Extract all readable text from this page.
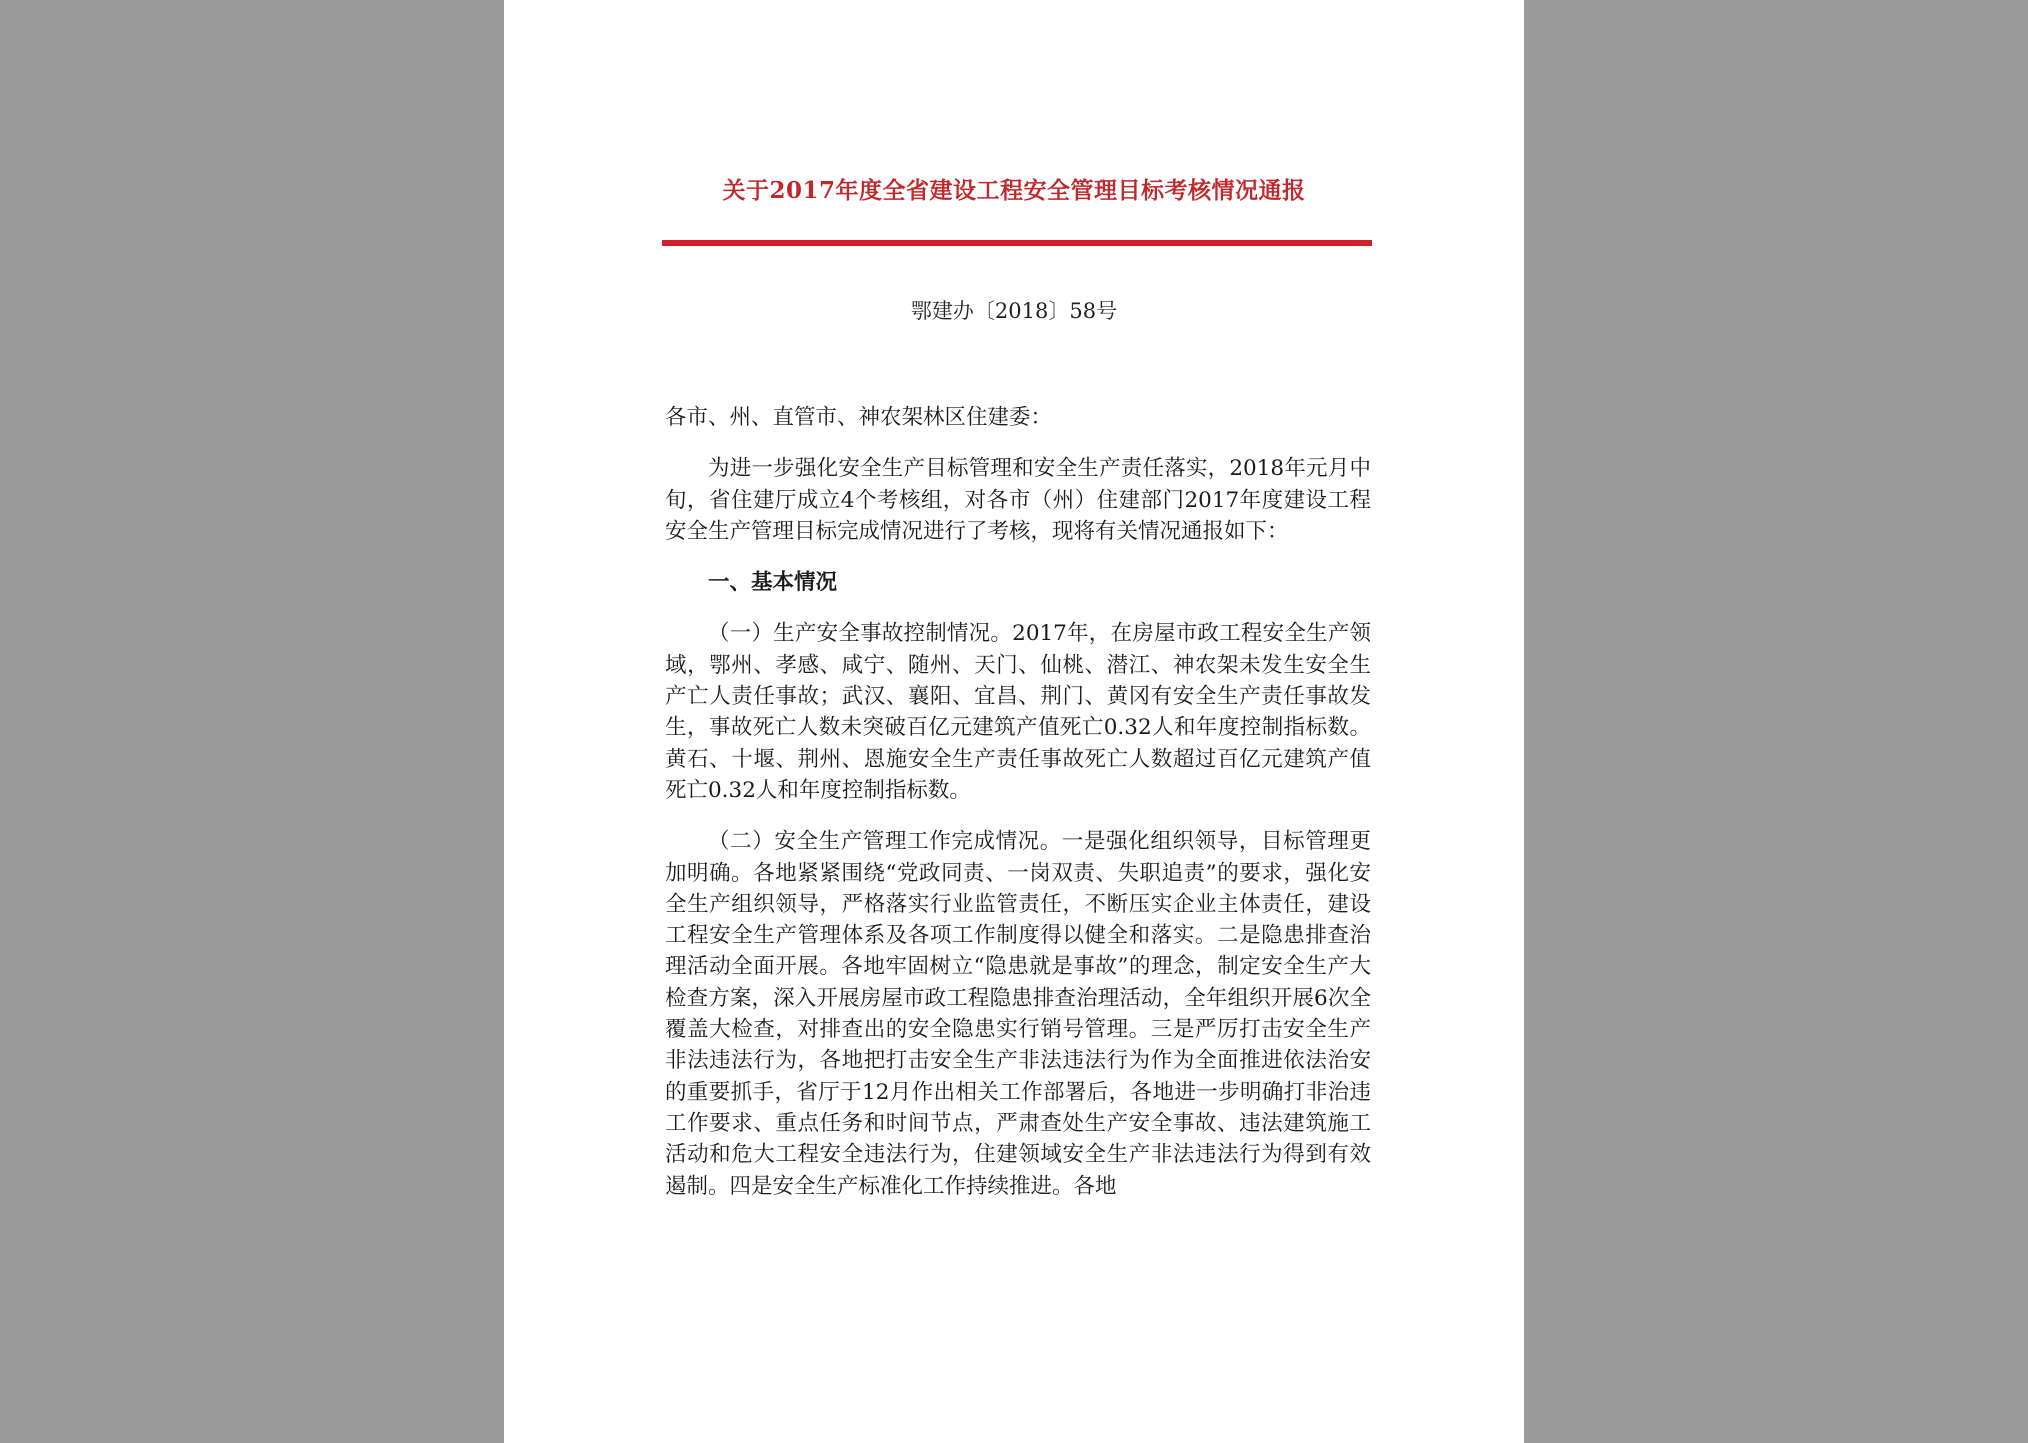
关于2017年度全省建设工程安全管理目标考核情况通报
鄂建办〔2018〕58号

各市、州、直管市、神农架林区住建委：

为进一步强化安全生产目标管理和安全生产责任落实，2018年元月中旬，省住建厅成立4个考核组，对各市（州）住建部门2017年度建设工程安全生产管理目标完成情况进行了考核，现将有关情况通报如下：

一、基本情况

（一）生产安全事故控制情况。2017年，在房屋市政工程安全生产领域，鄂州、孝感、咸宁、随州、天门、仙桃、潜江、神农架未发生安全生产亡人责任事故；武汉、襄阳、宜昌、荆门、黄冈有安全生产责任事故发生，事故死亡人数未突破百亿元建筑产值死亡0.32人和年度控制指标数。黄石、十堰、荆州、恩施安全生产责任事故死亡人数超过百亿元建筑产值死亡0.32人和年度控制指标数。

（二）安全生产管理工作完成情况。一是强化组织领导，目标管理更加明确。各地紧紧围绕“党政同责、一岗双责、失职追责”的要求，强化安全生产组织领导，严格落实行业监管责任，不断压实企业主体责任，建设工程安全生产管理体系及各项工作制度得以健全和落实。二是隐患排查治理活动全面开展。各地牢固树立“隐患就是事故”的理念，制定安全生产大检查方案，深入开展房屋市政工程隐患排查治理活动，全年组织开展6次全覆盖大检查，对排查出的安全隐患实行销号管理。三是严厉打击安全生产非法违法行为，各地把打击安全生产非法违法行为作为全面推进依法治安的重要抓手，省厅于12月作出相关工作部署后，各地进一步明确打非治违工作要求、重点任务和时间节点，严肃查处生产安全事故、违法建筑施工活动和危大工程安全违法行为，住建领域安全生产非法违法行为得到有效遏制。四是安全生产标准化工作持续推进。各地
